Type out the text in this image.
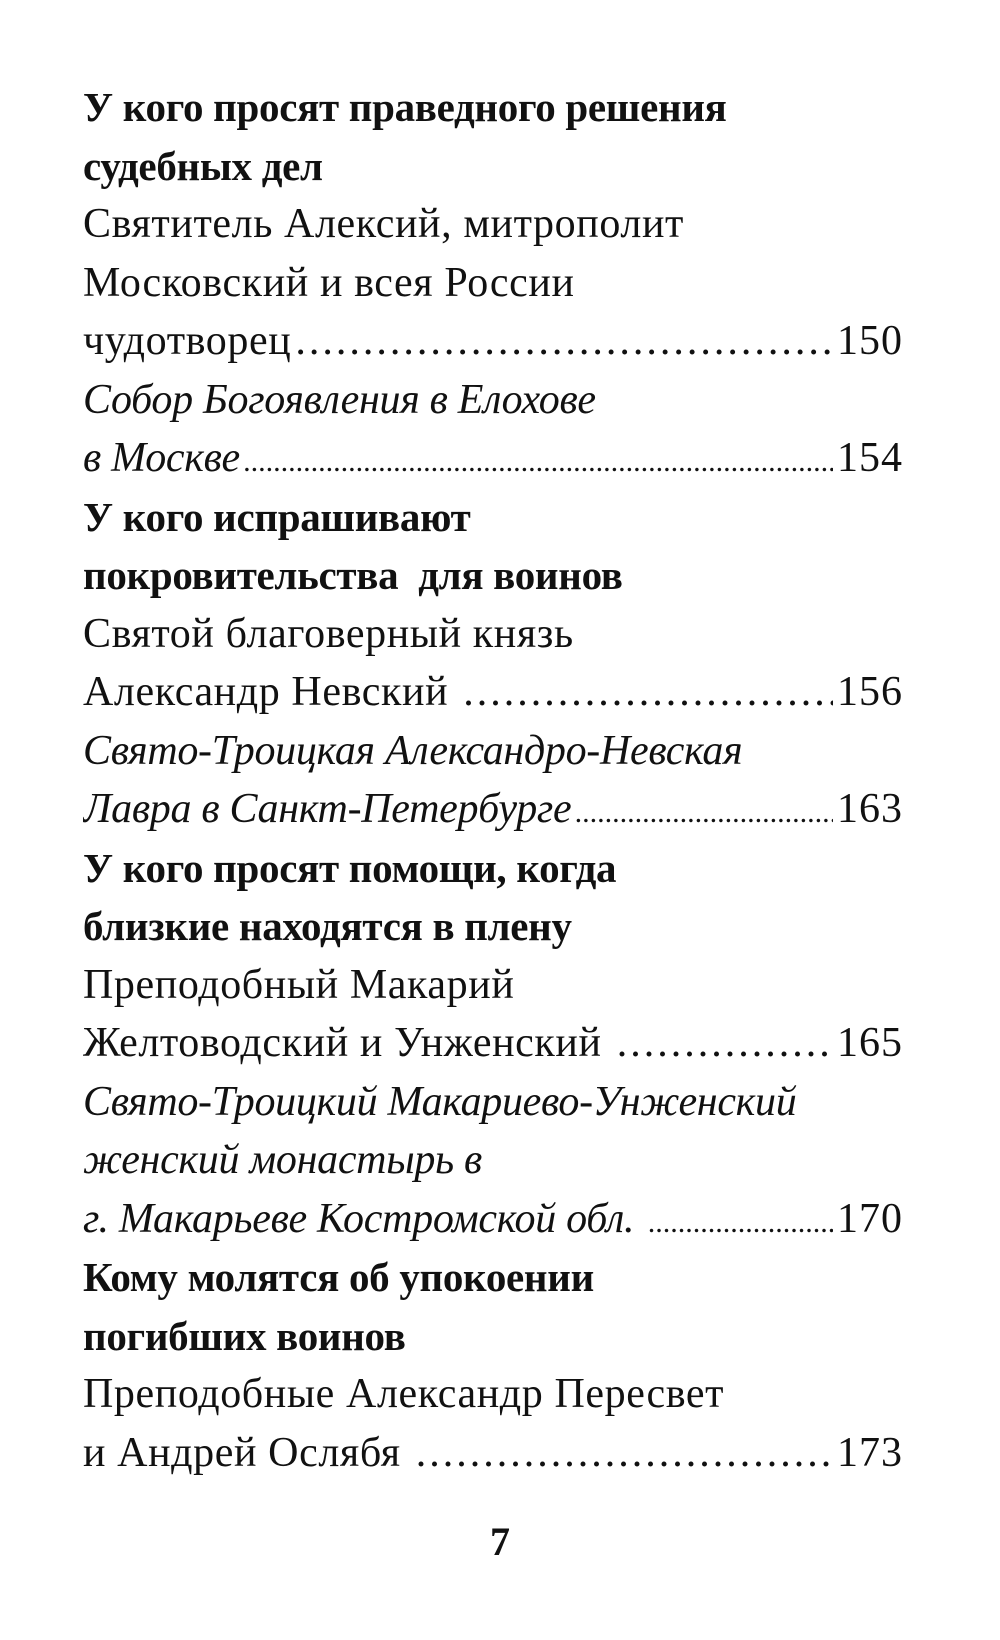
У кого просят праведного решения
судебных дел
Святитель Алексий, митрополит
Московский и всея России
чудотворец .....	150
Собор Богоявления в Елохове
в Москве .....	154
У кого испрашивают
покровительства  для воинов
Святой благоверный князь
Александр Невский .....	156
Свято-Троицкая Александро-Невская
Лавра в Санкт-Петербурге .....	163
У кого просят помощи, когда
близкие находятся в плену
Преподобный Макарий
Желтоводский и Унженский .....	165
Свято-Троицкий Макариево-Унженский
женский монастырь в
г. Макарьеве Костромской обл. .....	170
Кому молятся об упокоении
погибших воинов
Преподобные Александр Пересвет
и Андрей Ослябя .....	173
7
